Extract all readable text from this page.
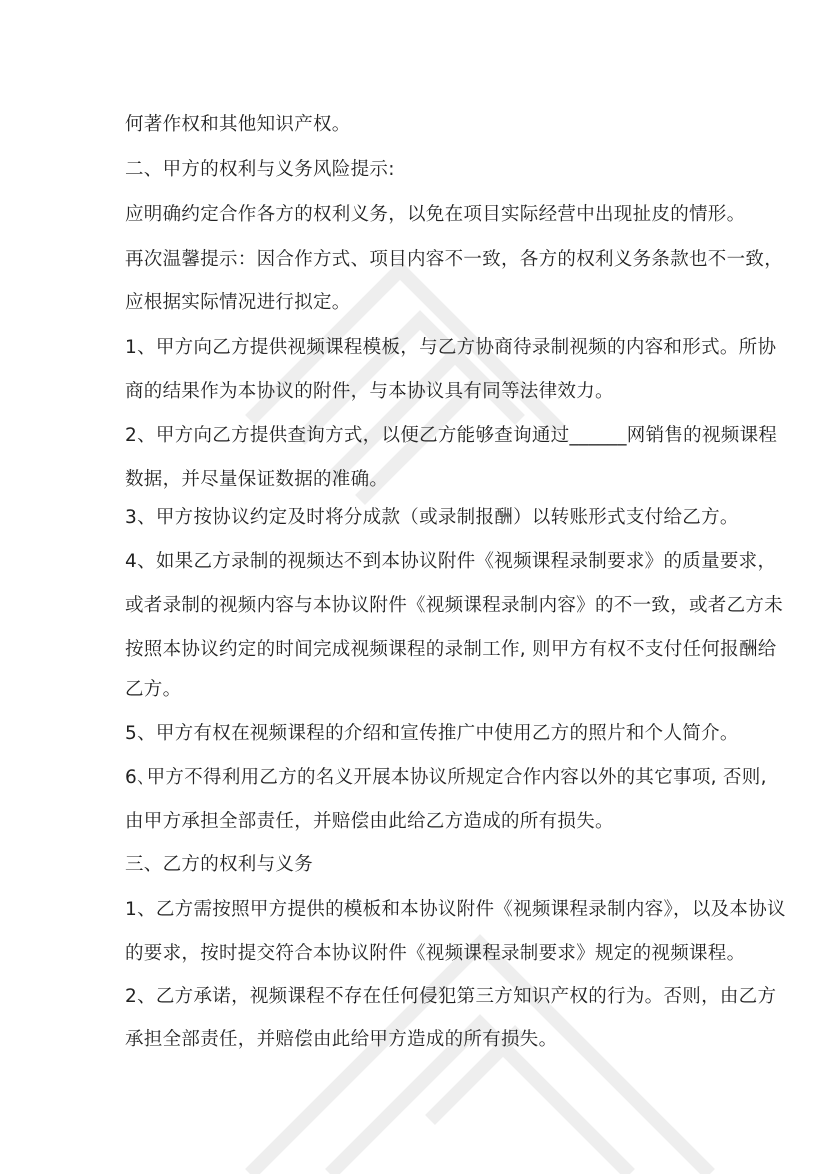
何著作权和其他知识产权。
二、甲方的权利与义务风险提示:
应明确约定合作各方的权利义务，以免在项目实际经营中出现扯皮的情形。
再次温馨提示：因合作方式、项目内容不一致，各方的权利义务条款也不一致，
应根据实际情况进行拟定。
1、甲方向乙方提供视频课程模板，与乙方协商待录制视频的内容和形式。所协
商的结果作为本协议的附件，与本协议具有同等法律效力。
2、甲方向乙方提供查询方式，以便乙方能够查询通过______网销售的视频课程
数据，并尽量保证数据的准确。
3、甲方按协议约定及时将分成款（或录制报酬）以转账形式支付给乙方。
4、如果乙方录制的视频达不到本协议附件《视频课程录制要求》的质量要求，
或者录制的视频内容与本协议附件《视频课程录制内容》的不一致，或者乙方未
按照本协议约定的时间完成视频课程的录制工作, 则甲方有权不支付任何报酬给
乙方。
5、甲方有权在视频课程的介绍和宣传推广中使用乙方的照片和个人简介。
6､甲方不得利用乙方的名义开展本协议所规定合作内容以外的其它事项, 否则,
由甲方承担全部责任，并赔偿由此给乙方造成的所有损失。
三、乙方的权利与义务
1、乙方需按照甲方提供的模板和本协议附件《视频课程录制内容》，以及本协议
的要求，按时提交符合本协议附件《视频课程录制要求》规定的视频课程。
2、乙方承诺，视频课程不存在任何侵犯第三方知识产权的行为。否则，由乙方
承担全部责任，并赔偿由此给甲方造成的所有损失。
